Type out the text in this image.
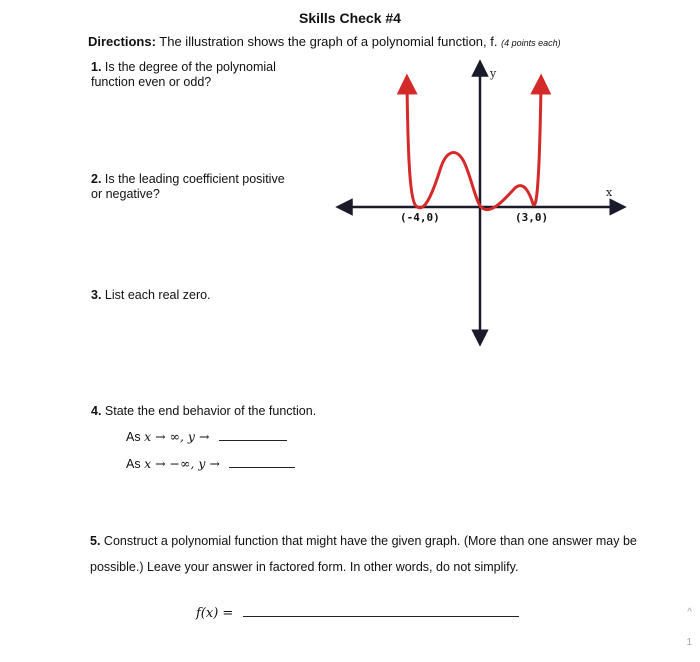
Skills Check #4
Directions: The illustration shows the graph of a polynomial function, f. (4 points each)
1. Is the degree of the polynomial
function even or odd?
2. Is the leading coefficient positive
or negative?
3. List each real zero.
4. State the end behavior of the function.
As x → ∞, y →
As x → −∞, y →
5. Construct a polynomial function that might have the given graph. (More than one answer may be possible.) Leave your answer in factored form. In other words, do not simplify.
f(x) =
x
y
(-4,0)	(3,0)
^
1
